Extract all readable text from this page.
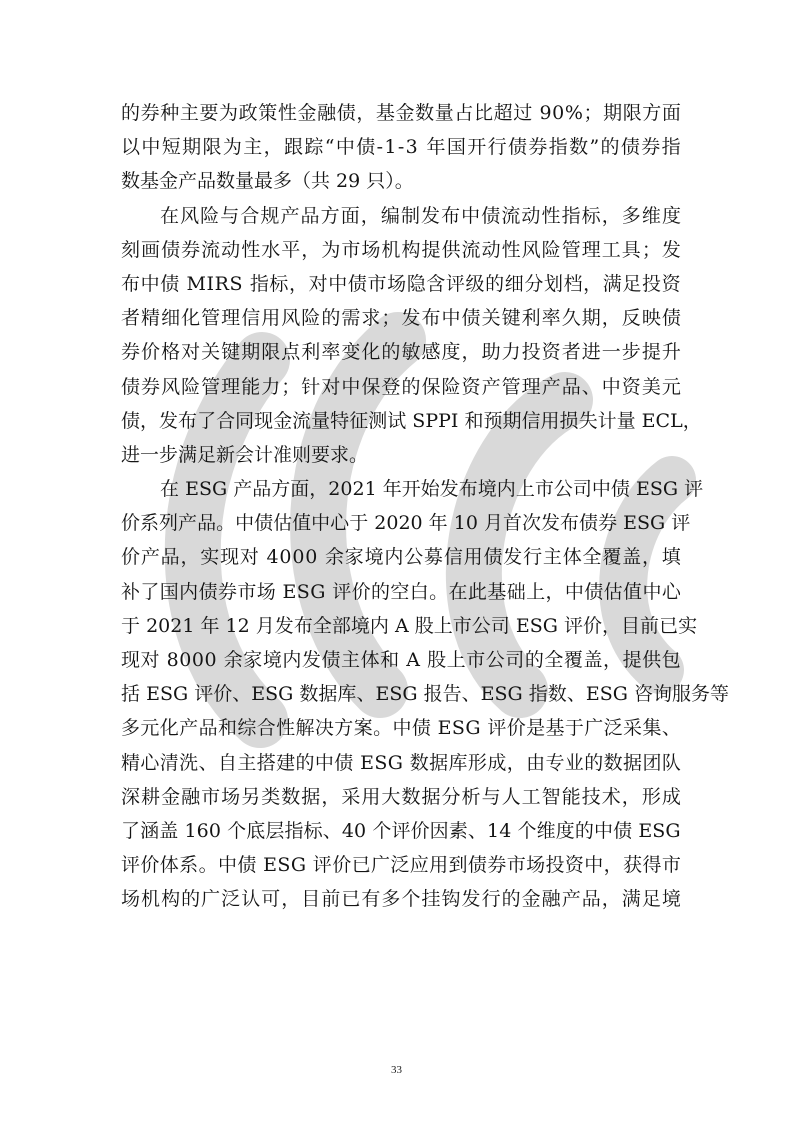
的 券 种 主 要 为 政 策 性 金 融 债 ， 基 金 数 量 占 比 超 过
9 0 % ； 期 限 方 面
以 中 短 期 限 为 主 ， 跟 踪 “ 中 债 - 1 - 3
年 国 开 行 债 券 指 数 ” 的 债 券 指
数基金产品数量最多（共 29 只）。
在 风 险 与 合 规 产 品 方 面 ， 编 制 发 布 中 债 流 动 性 指 标 ， 多 维 度
刻 画 债 券 流 动 性 水 平 ， 为 市 场 机 构 提 供 流 动 性 风 险 管 理 工 具 ； 发
布 中 债
M I R S
指 标 ， 对 中 债 市 场 隐 含 评 级 的 细 分 划 档 ， 满 足 投 资
者 精 细 化 管 理 信 用 风 险 的 需 求 ； 发 布 中 债 关 键 利 率 久 期 ， 反 映 债
券 价 格 对 关 键 期 限 点 利 率 变 化 的 敏 感 度 ， 助 力 投 资 者 进 一 步 提 升
债 券 风 险 管 理 能 力 ； 针 对 中 保 登 的 保 险 资 产 管 理 产 品 、 中 资 美 元
债 ， 发 布 了 合 同 现 金 流 量 特 征 测 试
S P P I
和 预 期 信 用 损 失 计 量
E C L ，
进一步满足新会计准则要求。
在
E S G
产 品 方 面 ， 2 0 2 1
年 开 始 发 布 境 内 上 市 公 司 中 债
E S G
评
价 系 列 产 品 。 中 债 估 值 中 心 于
2 0 2 0
年
1 0
月 首 次 发 布 债 券
E S G
评
价 产 品 ， 实 现 对
4 0 0 0
余 家 境 内 公 募 信 用 债 发 行 主 体 全 覆 盖 ， 填
补 了 国 内 债 券 市 场
E S G
评 价 的 空 白 。 在 此 基 础 上 ， 中 债 估 值 中 心
于
2 0 2 1
年
1 2
月 发 布 全 部 境 内
A
股 上 市 公 司
E S G
评 价 ， 目 前 已 实
现 对
8 0 0 0
余 家 境 内 发 债 主 体 和
A
股 上 市 公 司 的 全 覆 盖 ， 提 供 包
括
E S G
评 价 、 E S G
数 据 库 、 E S G
报 告 、 E S G
指 数 、 E S G
咨 询 服 务 等
多 元 化 产 品 和 综 合 性 解 决 方 案 。 中 债
E S G
评 价 是 基 于 广 泛 采 集 、
精 心 清 洗 、 自 主 搭 建 的 中 债
E S G
数 据 库 形 成 ， 由 专 业 的 数 据 团 队
深 耕 金 融 市 场 另 类 数 据 ， 采 用 大 数 据 分 析 与 人 工 智 能 技 术 ， 形 成
了 涵 盖
1 6 0
个 底 层 指 标 、 4 0
个 评 价 因 素 、 1 4
个 维 度 的 中 债
E S G
评 价 体 系 。 中 债
E S G
评 价 已 广 泛 应 用 到 债 券 市 场 投 资 中 ， 获 得 市
场 机 构 的 广 泛 认 可 ， 目 前 已 有 多 个 挂 钩 发 行 的 金 融 产 品 ， 满 足 境
33
